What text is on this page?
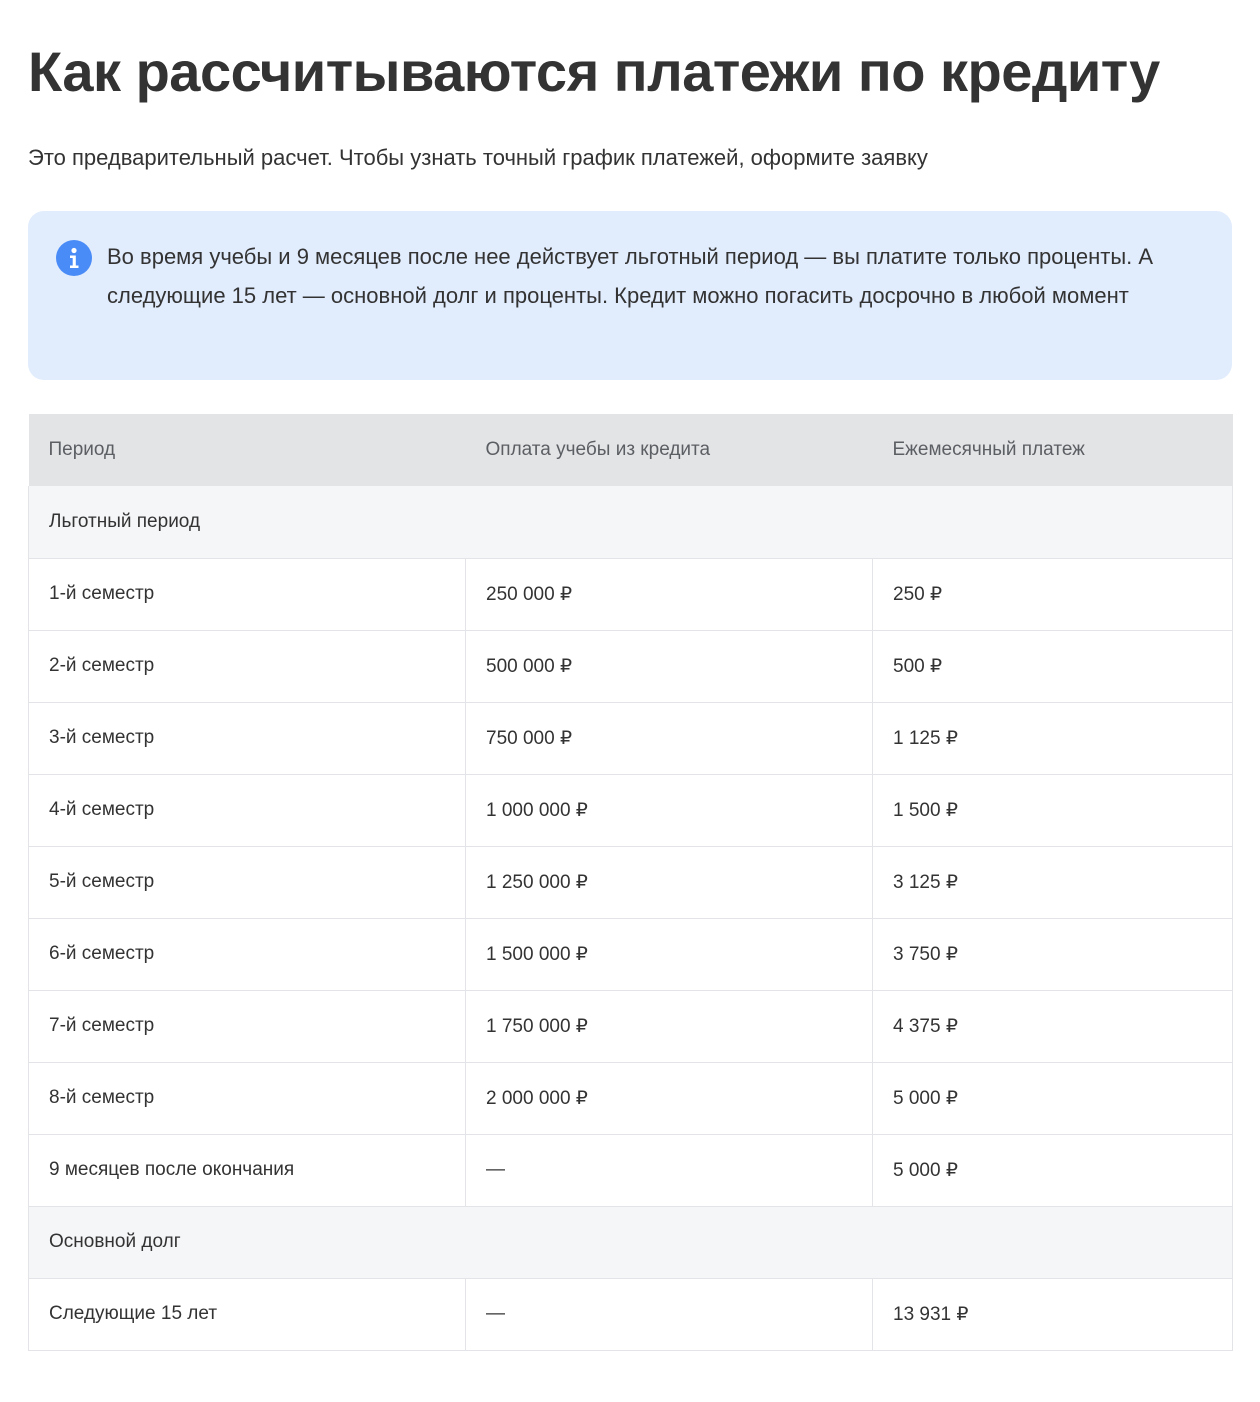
Как рассчитываются платежи по кредиту
Это предварительный расчет. Чтобы узнать точный график платежей, оформите заявку
Во время учебы и 9 месяцев после нее действует льготный период — вы платите только проценты. А следующие 15 лет — основной долг и проценты. Кредит можно погасить досрочно в любой момент
Период	Оплата учебы из кредита	Ежемесячный платеж
Льготный период		
1-й семестр	250 000 ₽	250 ₽
2-й семестр	500 000 ₽	500 ₽
3-й семестр	750 000 ₽	1 125 ₽
4-й семестр	1 000 000 ₽	1 500 ₽
5-й семестр	1 250 000 ₽	3 125 ₽
6-й семестр	1 500 000 ₽	3 750 ₽
7-й семестр	1 750 000 ₽	4 375 ₽
8-й семестр	2 000 000 ₽	5 000 ₽
9 месяцев после окончания	—	5 000 ₽
Основной долг		
Следующие 15 лет	—	13 931 ₽
